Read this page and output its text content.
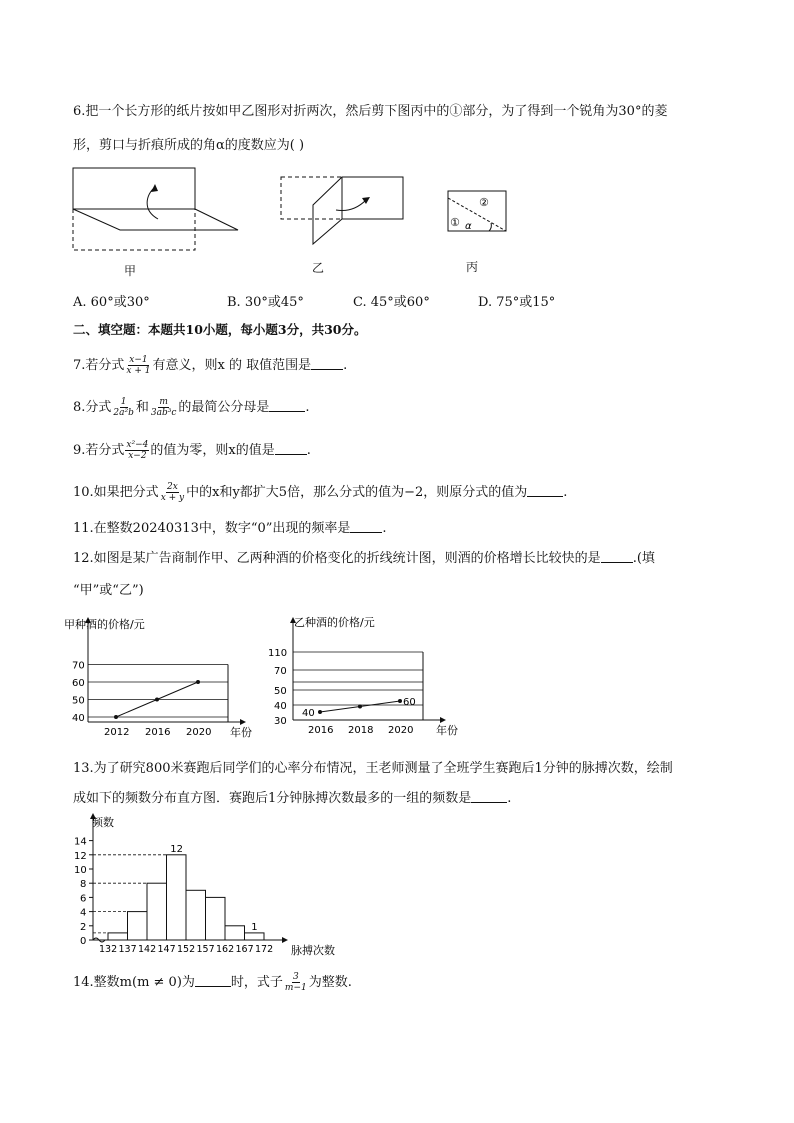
6.把一个长方形的纸片按如甲乙图形对折两次，然后剪下图丙中的①部分，为了得到一个锐角为30°的菱
形，剪口与折痕所成的角α的度数应为( )
甲	乙
②
① α
丙
A. 60°或30°	B. 30°或45°	C. 45°或60°	D. 75°或15°
二、填空题：本题共10小题，每小题3分，共30分。
7.若分式 $\frac{x-1}{x + 1}$ 有意义，则x 的 取值范围是 .
8.分式 $\frac{1}{\text{2a²b}}$ 和 $\frac{m}{\text{3ab³c}}$ 的最简公分母是	.
9.若分式 $\frac{\text{x²−4}}{x-2}$ 的值为零，则x的值是 .
10.如果把分式 $\frac{2x}{x + y}$ 中的x和y都扩大5倍，那么分式的值为−2，则原分式的值为	.
11.在整数20240313中，数字“0”出现的频率是 .
12.如图是某广告商制作甲、乙两种酒的价格变化的折线统计图，则酒的价格增长比较快的是 .(填
“甲”或“乙”)
甲种酒的价格/元
年份
40
50
60
70
2012 2016 2020
乙种酒的价格/元
年份
30
40
50
70
110
2016 2018 2020
40
60
13.为了研究800米赛跑后同学们的心率分布情况，王老师测量了全班学生赛跑后1分钟的脉搏次数，绘制
成如下的频数分布直方图．赛跑后1分钟脉搏次数最多的一组的频数是	.
频数
脉搏次数
0
2
4
6
8
10
12
14
132 137 142 147 152 157 162 167 172
12
1
14.整数m(m ≠ 0)为	时，式子 $\frac{3}{m-1}$ 为整数.
